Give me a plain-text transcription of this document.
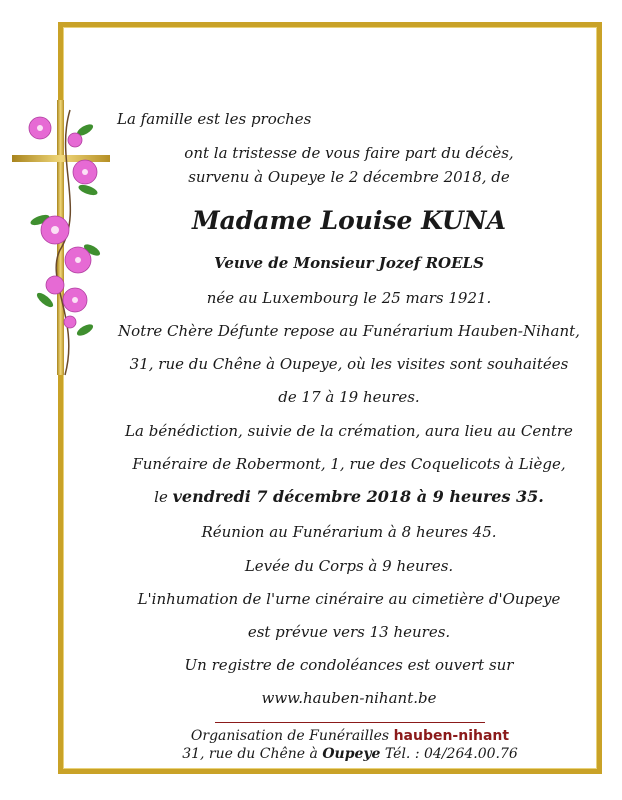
La famille est les proches
ont la tristesse de vous faire part du décès,
survenu à Oupeye le 2 décembre 2018, de
Madame Louise KUNA
Veuve de Monsieur Jozef ROELS
née au Luxembourg le 25 mars 1921.
Notre Chère Défunte repose au Funérarium Hauben-Nihant,
31, rue du Chêne à Oupeye, où les visites sont souhaitées
de 17 à 19 heures.
La bénédiction, suivie de la crémation, aura lieu au Centre
Funéraire de Robermont, 1, rue des Coquelicots à Liège,
le vendredi 7 décembre 2018 à 9 heures 35.
Réunion au Funérarium à 8 heures 45.
Levée du Corps à 9 heures.
L'inhumation de l'urne cinéraire au cimetière d'Oupeye
est prévue vers 13 heures.
Un registre de condoléances est ouvert sur
www.hauben-nihant.be
Organisation de Funérailles hauben-nihant
31, rue du Chêne à Oupeye Tél. : 04/264.00.76
